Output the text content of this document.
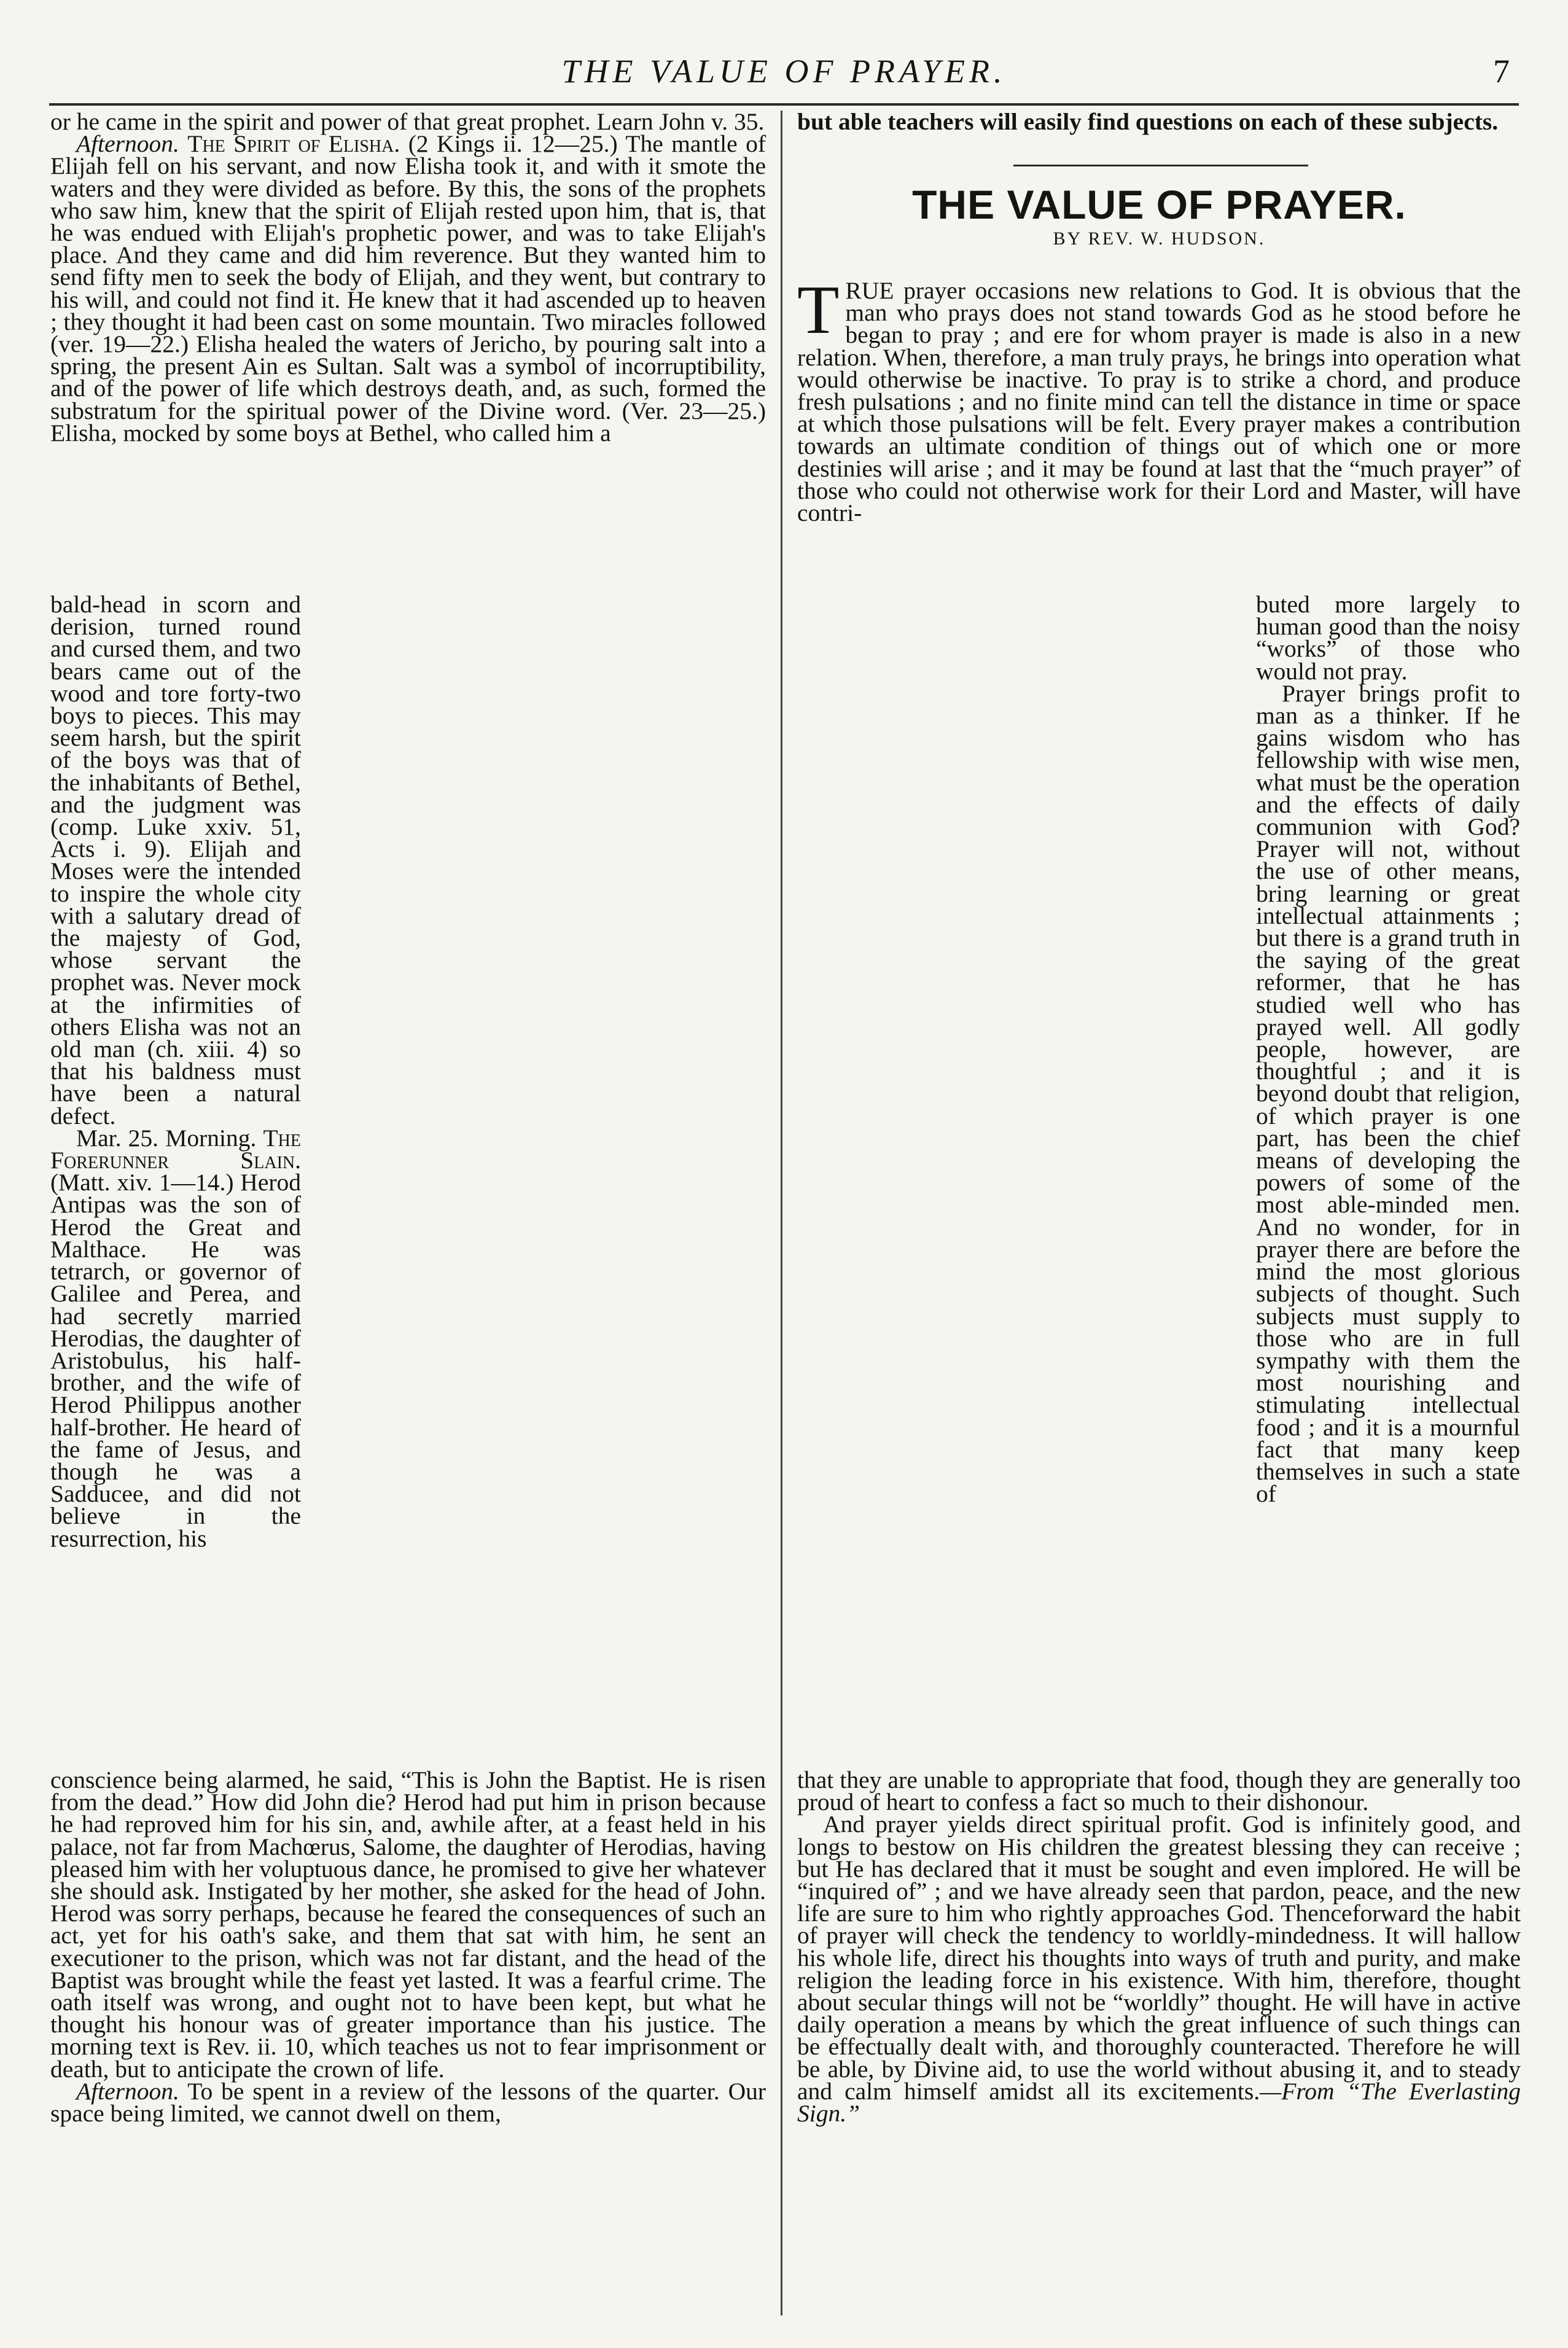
THE VALUE OF PRAYER.	7

or he came in the spirit and power of that great prophet. Learn John v. 35.

Afternoon. The Spirit of Elisha. (2 Kings ii. 12—25.) The mantle of Elijah fell on his servant, and now Elisha took it, and with it smote the waters and they were divided as before. By this, the sons of the prophets who saw him, knew that the spirit of Elijah rested upon him, that is, that he was endued with Elijah's prophetic power, and was to take Elijah's place. And they came and did him reverence. But they wanted him to send fifty men to seek the body of Elijah, and they went, but contrary to his will, and could not find it. He knew that it had ascended up to heaven ; they thought it had been cast on some mountain. Two miracles followed (ver. 19—22.) Elisha healed the waters of Jericho, by pouring salt into a spring, the present Ain es Sultan. Salt was a symbol of incorruptibility, and of the power of life which destroys death, and, as such, formed the substratum for the spiritual power of the Divine word. (Ver. 23—25.) Elisha, mocked by some boys at Bethel, who called him a

bald-head in scorn and derision, turned round and cursed them, and two bears came out of the wood and tore forty-two boys to pieces. This may seem harsh, but the spirit of the boys was that of the inhabitants of Bethel, and the judgment was (comp. Luke xxiv. 51, Acts i. 9). Elijah and Moses were the intended to inspire the whole city with a salutary dread of the majesty of God, whose servant the prophet was. Never mock at the infirmities of others Elisha was not an old man (ch. xiii. 4) so that his baldness must have been a natural defect.

Mar. 25. Morning. The Forerunner Slain. (Matt. xiv. 1—14.) Herod Antipas was the son of Herod the Great and Malthace. He was tetrarch, or governor of Galilee and Perea, and had secretly married Herodias, the daughter of Aristobulus, his half-brother, and the wife of Herod Philippus another half-brother. He heard of the fame of Jesus, and though he was a Sadducee, and did not believe in the resurrection, his

conscience being alarmed, he said, “This is John the Baptist. He is risen from the dead.” How did John die? Herod had put him in prison because he had reproved him for his sin, and, awhile after, at a feast held in his palace, not far from Machœrus, Salome, the daughter of Herodias, having pleased him with her voluptuous dance, he promised to give her whatever she should ask. Instigated by her mother, she asked for the head of John. Herod was sorry perhaps, because he feared the consequences of such an act, yet for his oath's sake, and them that sat with him, he sent an executioner to the prison, which was not far distant, and the head of the Baptist was brought while the feast yet lasted. It was a fearful crime. The oath itself was wrong, and ought not to have been kept, but what he thought his honour was of greater importance than his justice. The morning text is Rev. ii. 10, which teaches us not to fear imprisonment or death, but to anticipate the crown of life.

Afternoon. To be spent in a review of the lessons of the quarter. Our space being limited, we cannot dwell on them,

but able teachers will easily find questions on each of these subjects.

THE VALUE OF PRAYER.
BY REV. W. HUDSON.

TRUE prayer occasions new relations to God. It is obvious that the man who prays does not stand towards God as he stood before he began to pray ; and ere for whom prayer is made is also in a new relation. When, therefore, a man truly prays, he brings into operation what would otherwise be inactive. To pray is to strike a chord, and produce fresh pulsations ; and no finite mind can tell the distance in time or space at which those pulsations will be felt. Every prayer makes a contribution towards an ultimate condition of things out of which one or more destinies will arise ; and it may be found at last that the “much prayer” of those who could not otherwise work for their Lord and Master, will have contri-

buted more largely to human good than the noisy “works” of those who would not pray.

Prayer brings profit to man as a thinker. If he gains wisdom who has fellowship with wise men, what must be the operation and the effects of daily communion with God? Prayer will not, without the use of other means, bring learning or great intellectual attainments ; but there is a grand truth in the saying of the great reformer, that he has studied well who has prayed well. All godly people, however, are thoughtful ; and it is beyond doubt that religion, of which prayer is one part, has been the chief means of developing the powers of some of the most able-minded men. And no wonder, for in prayer there are before the mind the most glorious subjects of thought. Such subjects must supply to those who are in full sympathy with them the most nourishing and stimulating intellectual food ; and it is a mournful fact that many keep themselves in such a state of

that they are unable to appropriate that food, though they are generally too proud of heart to confess a fact so much to their dishonour.

And prayer yields direct spiritual profit. God is infinitely good, and longs to bestow on His children the greatest blessing they can receive ; but He has declared that it must be sought and even implored. He will be “inquired of” ; and we have already seen that pardon, peace, and the new life are sure to him who rightly approaches God. Thenceforward the habit of prayer will check the tendency to worldly-mindedness. It will hallow his whole life, direct his thoughts into ways of truth and purity, and make religion the leading force in his existence. With him, therefore, thought about secular things will not be “worldly” thought. He will have in active daily operation a means by which the great influence of such things can be effectually dealt with, and thoroughly counteracted. Therefore he will be able, by Divine aid, to use the world without abusing it, and to steady and calm himself amidst all its excitements.—From “The Everlasting Sign.”
